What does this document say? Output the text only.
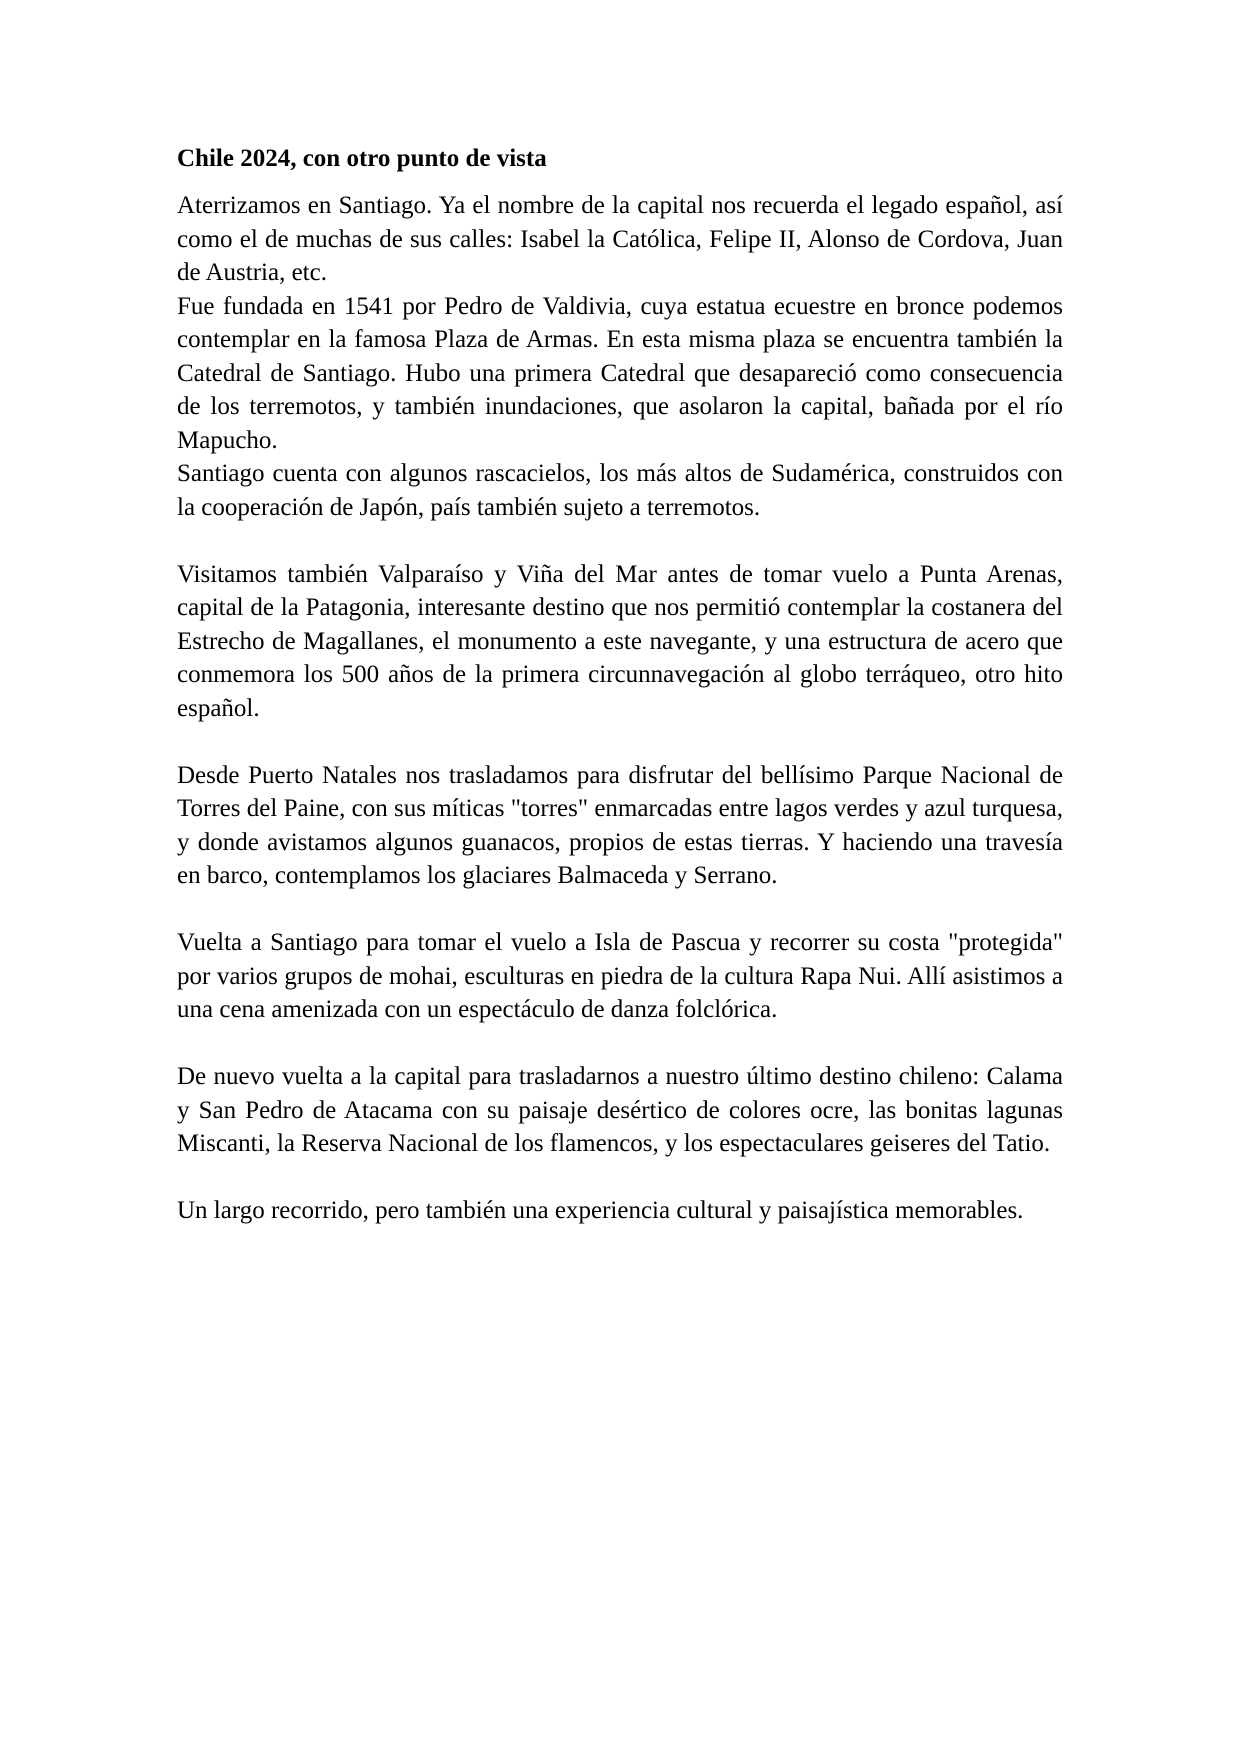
Chile 2024, con otro punto de vista

Aterrizamos en Santiago. Ya el nombre de la capital nos recuerda el legado español, así como el de muchas de sus calles: Isabel la Católica, Felipe II, Alonso de Cordova, Juan de Austria, etc.

Fue fundada en 1541 por Pedro de Valdivia, cuya estatua ecuestre en bronce podemos contemplar en la famosa Plaza de Armas. En esta misma plaza se encuentra también la Catedral de Santiago. Hubo una primera Catedral que desapareció como consecuencia de los terremotos, y también inundaciones, que asolaron la capital, bañada por el río Mapucho.

Santiago cuenta con algunos rascacielos, los más altos de Sudamérica, construidos con la cooperación de Japón, país también sujeto a terremotos.

Visitamos también Valparaíso y Viña del Mar antes de tomar vuelo a Punta Arenas, capital de la Patagonia, interesante destino que nos permitió contemplar la costanera del Estrecho de Magallanes, el monumento a este navegante, y una estructura de acero que conmemora los 500 años de la primera circunnavegación al globo terráqueo, otro hito español.

Desde Puerto Natales nos trasladamos para disfrutar del bellísimo Parque Nacional de Torres del Paine, con sus míticas "torres" enmarcadas entre lagos verdes y azul turquesa, y donde avistamos algunos guanacos, propios de estas tierras. Y haciendo una travesía en barco, contemplamos los glaciares Balmaceda y Serrano.

Vuelta a Santiago para tomar el vuelo a Isla de Pascua y recorrer su costa "protegida" por varios grupos de mohai, esculturas en piedra de la cultura Rapa Nui. Allí asistimos a una cena amenizada con un espectáculo de danza folclórica.

De nuevo vuelta a la capital para trasladarnos a nuestro último destino chileno: Calama y San Pedro de Atacama con su paisaje desértico de colores ocre, las bonitas lagunas Miscanti, la Reserva Nacional de los flamencos, y los espectaculares geiseres del Tatio.

Un largo recorrido, pero también una experiencia cultural y paisajística memorables.
